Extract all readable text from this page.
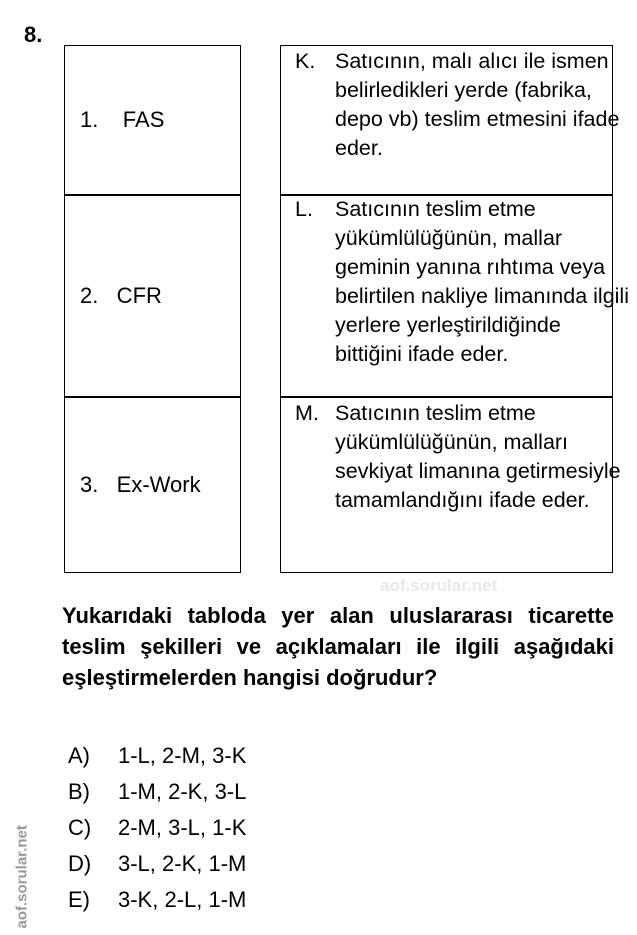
8.
1.    FAS
2.   CFR
3.   Ex-Work
K. Satıcının, malı alıcı ile ismen belirledikleri yerde (fabrika, depo vb) teslim etmesini ifade eder.
L. Satıcının teslim etme yükümlülüğünün, mallar geminin yanına rıhtıma veya belirtilen nakliye limanında ilgili yerlere yerleştirildiğinde bittiğini ifade eder.
M. Satıcının teslim etme yükümlülüğünün, malları sevkiyat limanına getirmesiyle tamamlandığını ifade eder.
aof.sorular.net
Yukarıdaki tabloda yer alan uluslararası ticarette teslim şekilleri ve açıklamaları ile ilgili aşağıdaki eşleştirmelerden hangisi doğrudur?
A) 1-L, 2-M, 3-K
B) 1-M, 2-K, 3-L
C) 2-M, 3-L, 1-K
D) 3-L, 2-K, 1-M
E) 3-K, 2-L, 1-M
aof.sorular.net
